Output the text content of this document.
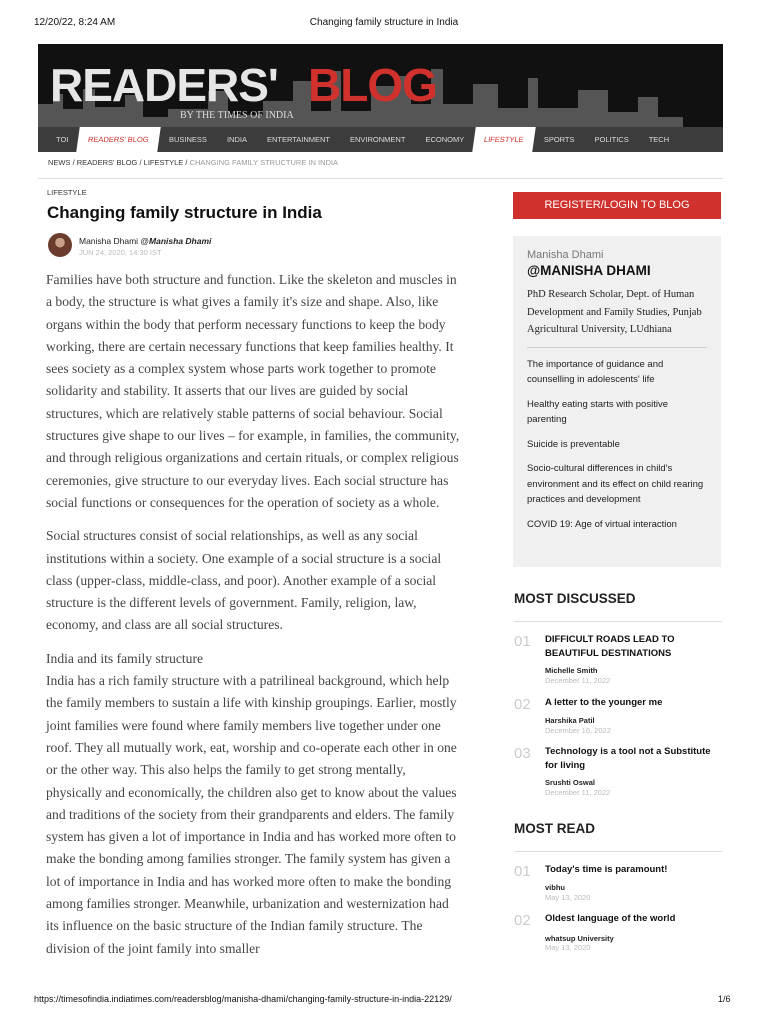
12/20/22, 8:24 AM	Changing family structure in India
READERS' BLOG
BY THE TIMES OF INDIA
TOI	READERS' BLOG	BUSINESS	INDIA	ENTERTAINMENT	ENVIRONMENT	ECONOMY	LIFESTYLE	SPORTS	POLITICS	TECH
NEWS / READERS' BLOG / LIFESTYLE / CHANGING FAMILY STRUCTURE IN INDIA
LIFESTYLE
Changing family structure in India
Manisha Dhami @Manisha Dhami
JUN 24, 2020, 14:30 IST

Families have both structure and function. Like the skeleton and muscles in a body, the structure is what gives a family it's size and shape. Also, like organs within the body that perform necessary functions to keep the body working, there are certain necessary functions that keep families healthy. It sees society as a complex system whose parts work together to promote solidarity and stability. It asserts that our lives are guided by social structures, which are relatively stable patterns of social behaviour. Social structures give shape to our lives – for example, in families, the community, and through religious organizations and certain rituals, or complex religious ceremonies, give structure to our everyday lives. Each social structure has social functions or consequences for the operation of society as a whole.

Social structures consist of social relationships, as well as any social institutions within a society. One example of a social structure is a social class (upper-class, middle-class, and poor). Another example of a social structure is the different levels of government. Family, religion, law, economy, and class are all social structures.

India and its family structure

India has a rich family structure with a patrilineal background, which help the family members to sustain a life with kinship groupings. Earlier, mostly joint families were found where family members live together under one roof. They all mutually work, eat, worship and co-operate each other in one or the other way. This also helps the family to get strong mentally, physically and economically, the children also get to know about the values and traditions of the society from their grandparents and elders. The family system has given a lot of importance in India and has worked more often to make the bonding among families stronger. The family system has given a lot of importance in India and has worked more often to make the bonding among families stronger. Meanwhile, urbanization and westernization had its influence on the basic structure of the Indian family structure. The division of the joint family into smaller

REGISTER/LOGIN TO BLOG
Manisha Dhami
@MANISHA DHAMI
PhD Research Scholar, Dept. of Human Development and Family Studies, Punjab Agricultural University, LUdhiana
The importance of guidance and counselling in adolescents' life
Healthy eating starts with positive parenting
Suicide is preventable
Socio-cultural differences in child's environment and its effect on child rearing practices and development
COVID 19: Age of virtual interaction
MOST DISCUSSED
01 DIFFICULT ROADS LEAD TO BEAUTIFUL DESTINATIONS
Michelle Smith
December 11, 2022
02 A letter to the younger me
Harshika Patil
December 16, 2022
03 Technology is a tool not a Substitute for living
Srushti Oswal
December 11, 2022
MOST READ
01 Today's time is paramount!
vibhu
May 13, 2020
02 Oldest language of the world
whatsup University
May 13, 2020
https://timesofindia.indiatimes.com/readersblog/manisha-dhami/changing-family-structure-in-india-22129/	1/6
